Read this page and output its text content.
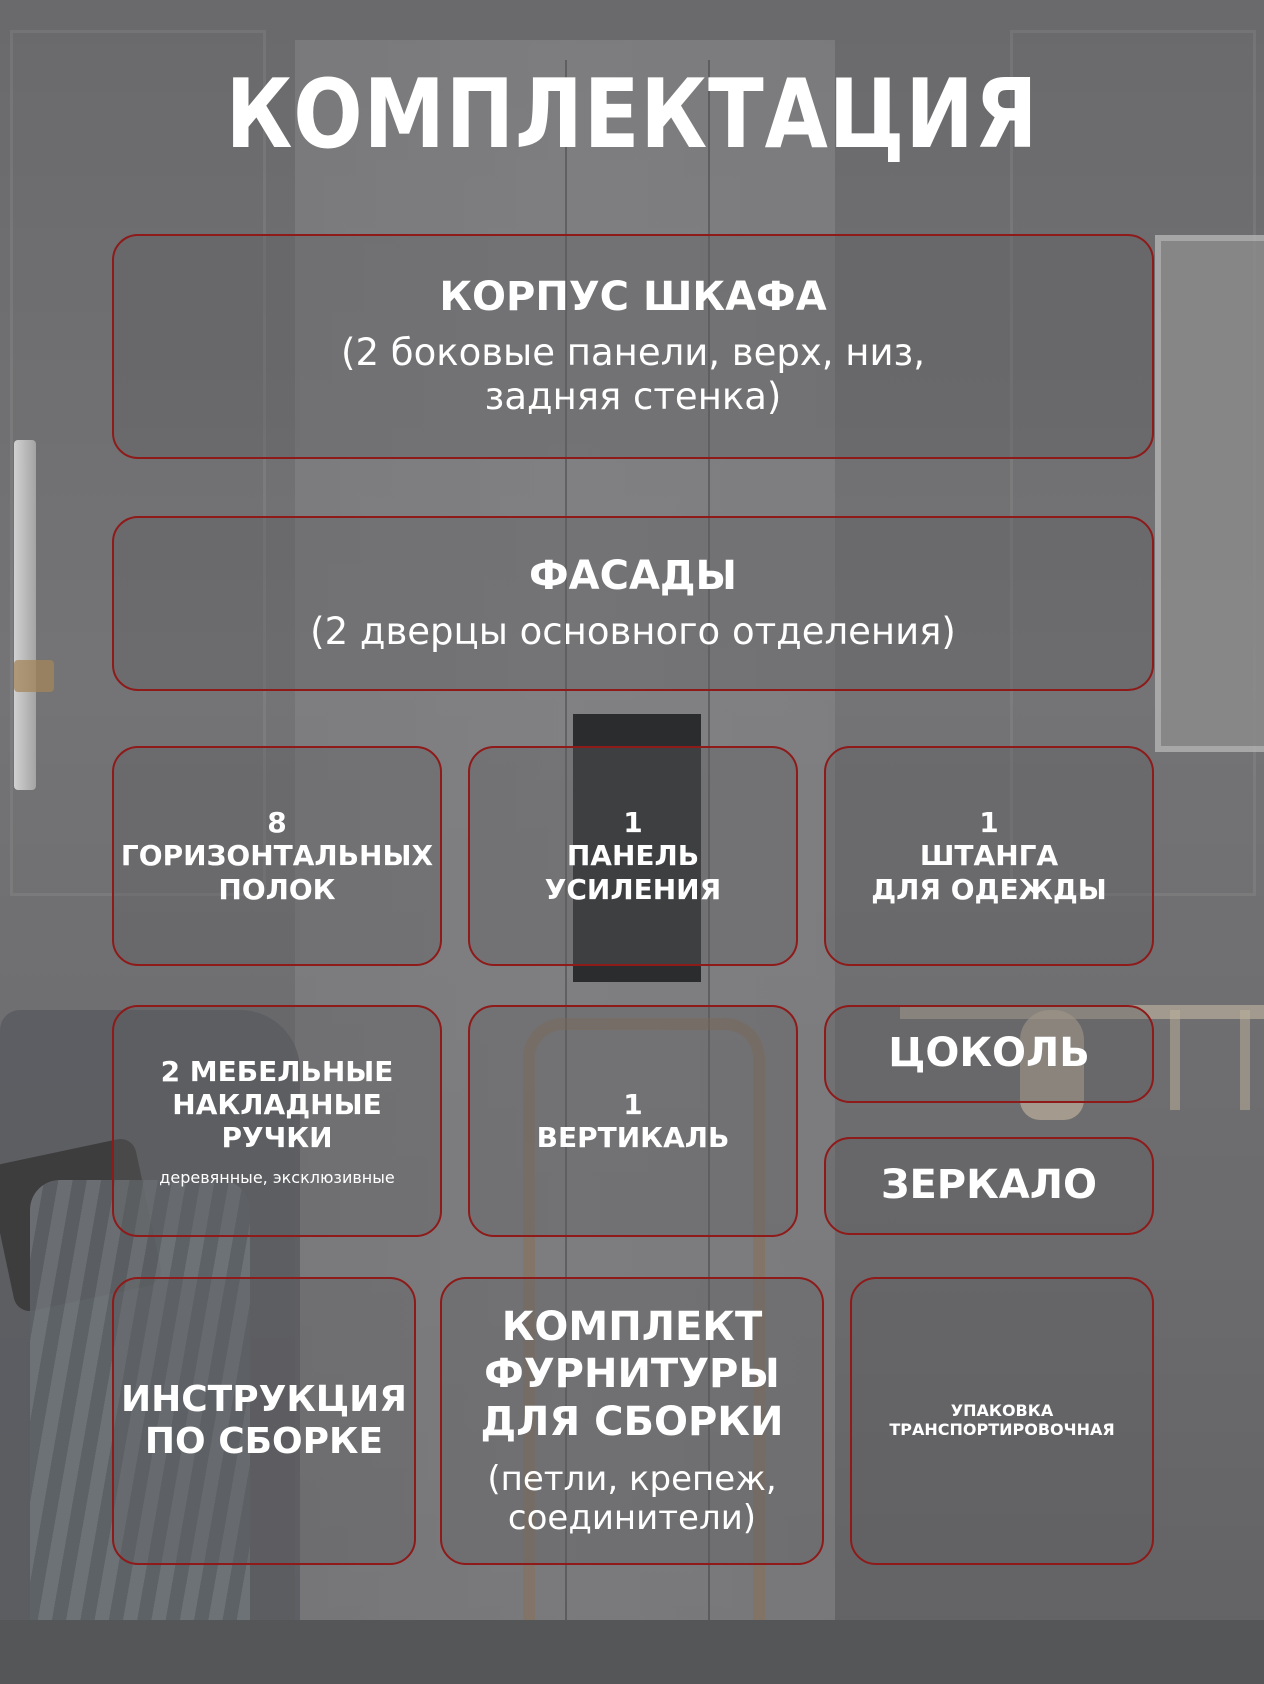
КОМПЛЕКТАЦИЯ
КОРПУС ШКАФА
(2 боковые панели, верх, низ,
задняя стенка)
ФАСАДЫ
(2 дверцы основного отделения)
8
ГОРИЗОНТАЛЬНЫХ
ПОЛОК
1
ПАНЕЛЬ
УСИЛЕНИЯ
1
ШТАНГА
ДЛЯ ОДЕЖДЫ
2 МЕБЕЛЬНЫЕ
НАКЛАДНЫЕ РУЧКИ
деревянные, эксклюзивные
1
ВЕРТИКАЛЬ
ЦОКОЛЬ
ЗЕРКАЛО
ИНСТРУКЦИЯ
ПО СБОРКЕ
КОМПЛЕКТ
ФУРНИТУРЫ
ДЛЯ СБОРКИ
(петли, крепеж,
соединители)
УПАКОВКА
ТРАНСПОРТИРОВОЧНАЯ
